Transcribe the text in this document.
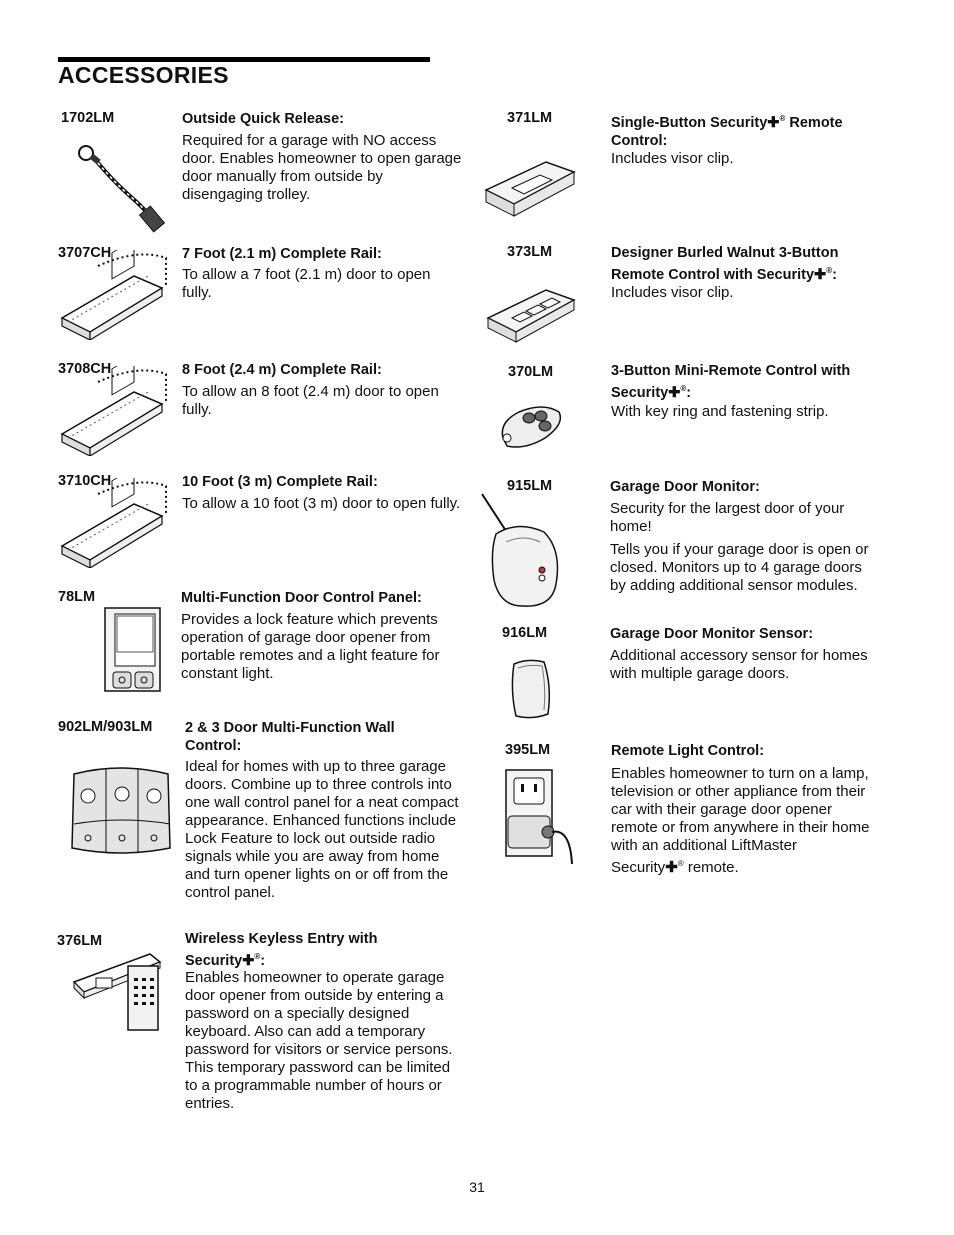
ACCESSORIES
1702LM	Outside Quick Release:

Required for a garage with NO access door. Enables homeowner to open garage door manually from outside by disengaging trolley.

3707CH	7 Foot (2.1 m) Complete Rail:

To allow a 7 foot (2.1 m) door to open fully.

3708CH	8 Foot (2.4 m) Complete Rail:

To allow an 8 foot (2.4 m) door to open fully.

3710CH	10 Foot (3 m) Complete Rail:

To allow a 10 foot (3 m) door to open fully.

78LM	Multi-Function Door Control Panel:

Provides a lock feature which prevents operation of garage door opener from portable remotes and a light feature for constant light.

902LM/903LM 2 & 3 Door Multi-Function Wall Control:

Ideal for homes with up to three garage doors. Combine up to three controls into one wall control panel for a neat compact appearance. Enhanced functions include Lock Feature to lock out outside radio signals while you are away from home and turn opener lights on or off from the control panel.

376LM	Wireless Keyless Entry with Security✚®:

Enables homeowner to operate garage door opener from outside by entering a password on a specially designed keyboard. Also can add a temporary password for visitors or service persons. This temporary password can be limited to a programmable number of hours or entries.

371LM	Single-Button Security✚® Remote Control:

Includes visor clip.

373LM	Designer Burled Walnut 3-Button Remote Control with Security✚®:

Includes visor clip.

370LM	3-Button Mini-Remote Control with Security✚®:

With key ring and fastening strip.

915LM	Garage Door Monitor:

Security for the largest door of your home!

Tells you if your garage door is open or closed. Monitors up to 4 garage doors by adding additional sensor modules.

916LM	Garage Door Monitor Sensor:

Additional accessory sensor for homes with multiple garage doors.

395LM	Remote Light Control:

Enables homeowner to turn on a lamp, television or other appliance from their car with their garage door opener remote or from anywhere in their home with an additional LiftMaster Security✚® remote.

31
